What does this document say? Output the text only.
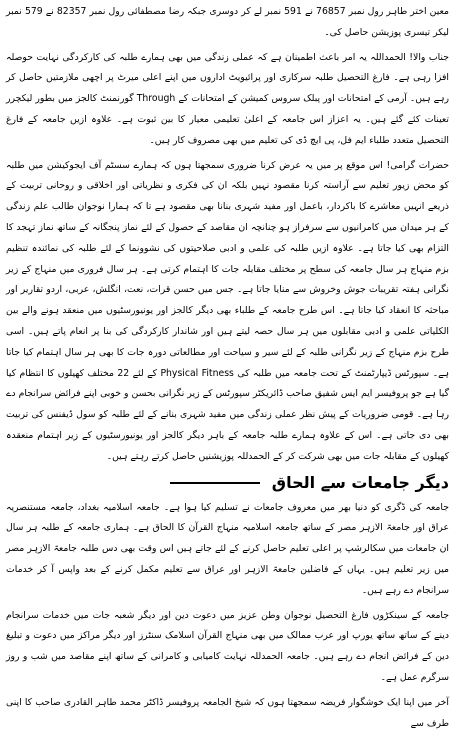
معین اختر طاہر رول نمبر 76857 نے 591 نمبر لے کر دوسری جبکہ رضا مصطفائی رول نمبر 82357 نے 579 نمبر لیکر تیسری پوزیشن حاصل کی۔

جناب والا! الحمداللہ یہ امر باعث اطمینان ہے کہ عملی زندگی میں بھی ہمارے طلبہ کی کارکردگی نہایت حوصلہ افزا رہی ہے۔ فارغ التحصیل طلبہ سرکاری اور پرائیویٹ اداروں میں اپنے اعلی میرٹ پر اچھی ملازمتیں حاصل کر رہے ہیں۔ آرمی کے امتحانات اور پبلک سروس کمیشن کے امتحانات کے Through گورنمنٹ کالجز میں بطور لیکچرر تعینات کئے گئے ہیں۔ یہ اعزاز اس جامعہ کے اعلیٰ تعلیمی معیار کا بین ثبوت ہے۔ علاوہ ازیں جامعہ کے فارغ التحصیل متعدد طلباء ایم فل، پی ایچ ڈی کی تعلیم میں بھی مصروف کار ہیں۔

حضرات گرامی! اس موقع پر میں یہ عرض کرنا ضروری سمجھتا ہوں کہ ہمارے سسٹم آف ایجوکیشن میں طلبہ کو محض زیور تعلیم سے آراستہ کرنا مقصود نہیں بلکہ ان کی فکری و نظریاتی اور اخلاقی و روحانی تربیت کے ذریعے انہیں معاشرے کا باکردار، باعمل اور مفید شہری بنانا بھی مقصود ہے تا کہ ہمارا نوجوان طالب علم زندگی کے ہر میدان میں کامرانیوں سے سرفراز ہو چنانچہ ان مقاصد کے حصول کے لئے نماز پنجگانہ کے ساتھ نماز تہجد کا التزام بھی کیا جاتا ہے۔ علاوہ ازیں طلبہ کی علمی و ادبی صلاحیتوں کی نشوونما کے لئے طلبہ کی نمائندہ تنظیم بزم منہاج ہر سال جامعہ کی سطح پر مختلف مقابلہ جات کا اہتمام کرتی ہے۔ ہر سال فروری میں منہاج کے زیر نگرانی ہفتہ تقریبات جوش وخروش سے منایا جاتا ہے۔ جس میں حسن قرات، نعت، انگلش، عربی، اردو تقاریر اور مباحثہ کا انعقاد کیا جاتا ہے۔ اس طرح جامعہ کے طلباء بھی دیگر کالجز اور یونیورسٹیوں میں منعقد ہونے والے بین الکلیاتی علمی و ادبی مقابلوں میں ہر سال حصہ لیتے ہیں اور شاندار کارکردگی کی بنا پر انعام پاتے ہیں۔ اسی طرح بزم منہاج کے زیر نگرانی طلبہ کے لئے سیر و سیاحت اور مطالعاتی دورہ جات کا بھی ہر سال اہتمام کیا جاتا ہے۔ سپورٹس ڈیپارٹمنٹ کے تحت جامعہ میں طلبہ کی Physical Fitness کے لئے 22 مختلف کھیلوں کا انتظام کیا گیا ہے جو پروفیسر ایم ایس شفیق صاحب ڈائریکٹر سپورٹس کے زیر نگرانی بحسن و خوبی اپنے فرائض سرانجام دے رہا ہے۔ قومی ضروریات کے پیش نظر عملی زندگی میں مفید شہری بنانے کے لئے طلبہ کو سول ڈیفنس کی تربیت بھی دی جاتی ہے۔ اس کے علاوہ ہمارے طلبہ جامعہ کے باہر دیگر کالجز اور یونیورسٹیوں کے زیر اہتمام منعقدہ کھیلوں کے مقابلہ جات میں بھی شرکت کر کے الحمدللہ پوزیشنیں حاصل کرتے رہتے ہیں۔

دیگر جامعات سے الحاق

جامعہ کی ڈگری کو دنیا بھر میں معروف جامعات نے تسلیم کیا ہوا ہے۔ جامعہ اسلامیہ بغداد، جامعہ مستنصریہ عراق اور جامعۃ الازہر مصر کے ساتھ جامعہ اسلامیہ منہاج القرآن کا الحاق ہے۔ ہماری جامعہ کے طلبہ ہر سال ان جامعات میں سکالرشپ پر اعلی تعلیم حاصل کرنے کے لئے جاتے ہیں اس وقت بھی دس طلبہ جامعۃ الازہر مصر میں زیر تعلیم ہیں۔ یہاں کے فاضلین جامعۃ الازہر اور عراق سے تعلیم مکمل کرنے کے بعد واپس آ کر خدمات سرانجام دے رہے ہیں۔

جامعہ کے سینکڑوں فارغ التحصیل نوجوان وطن عزیز میں دعوت دین اور دیگر شعبہ جات میں خدمات سرانجام دینے کے ساتھ ساتھ یورپ اور عرب ممالک میں بھی منہاج القرآن اسلامک سنٹرز اور دیگر مراکز میں دعوت و تبلیغ دین کے فرائض انجام دے رہے ہیں۔ جامعہ الحمدللہ نہایت کامیابی و کامرانی کے ساتھ اپنے مقاصد میں شب و روز سرگرم عمل ہے۔

آخر میں اپنا ایک خوشگوار فریضہ سمجھتا ہوں کہ شیخ الجامعہ پروفیسر ڈاکٹر محمد طاہر القادری صاحب کا اپنی طرف سے
